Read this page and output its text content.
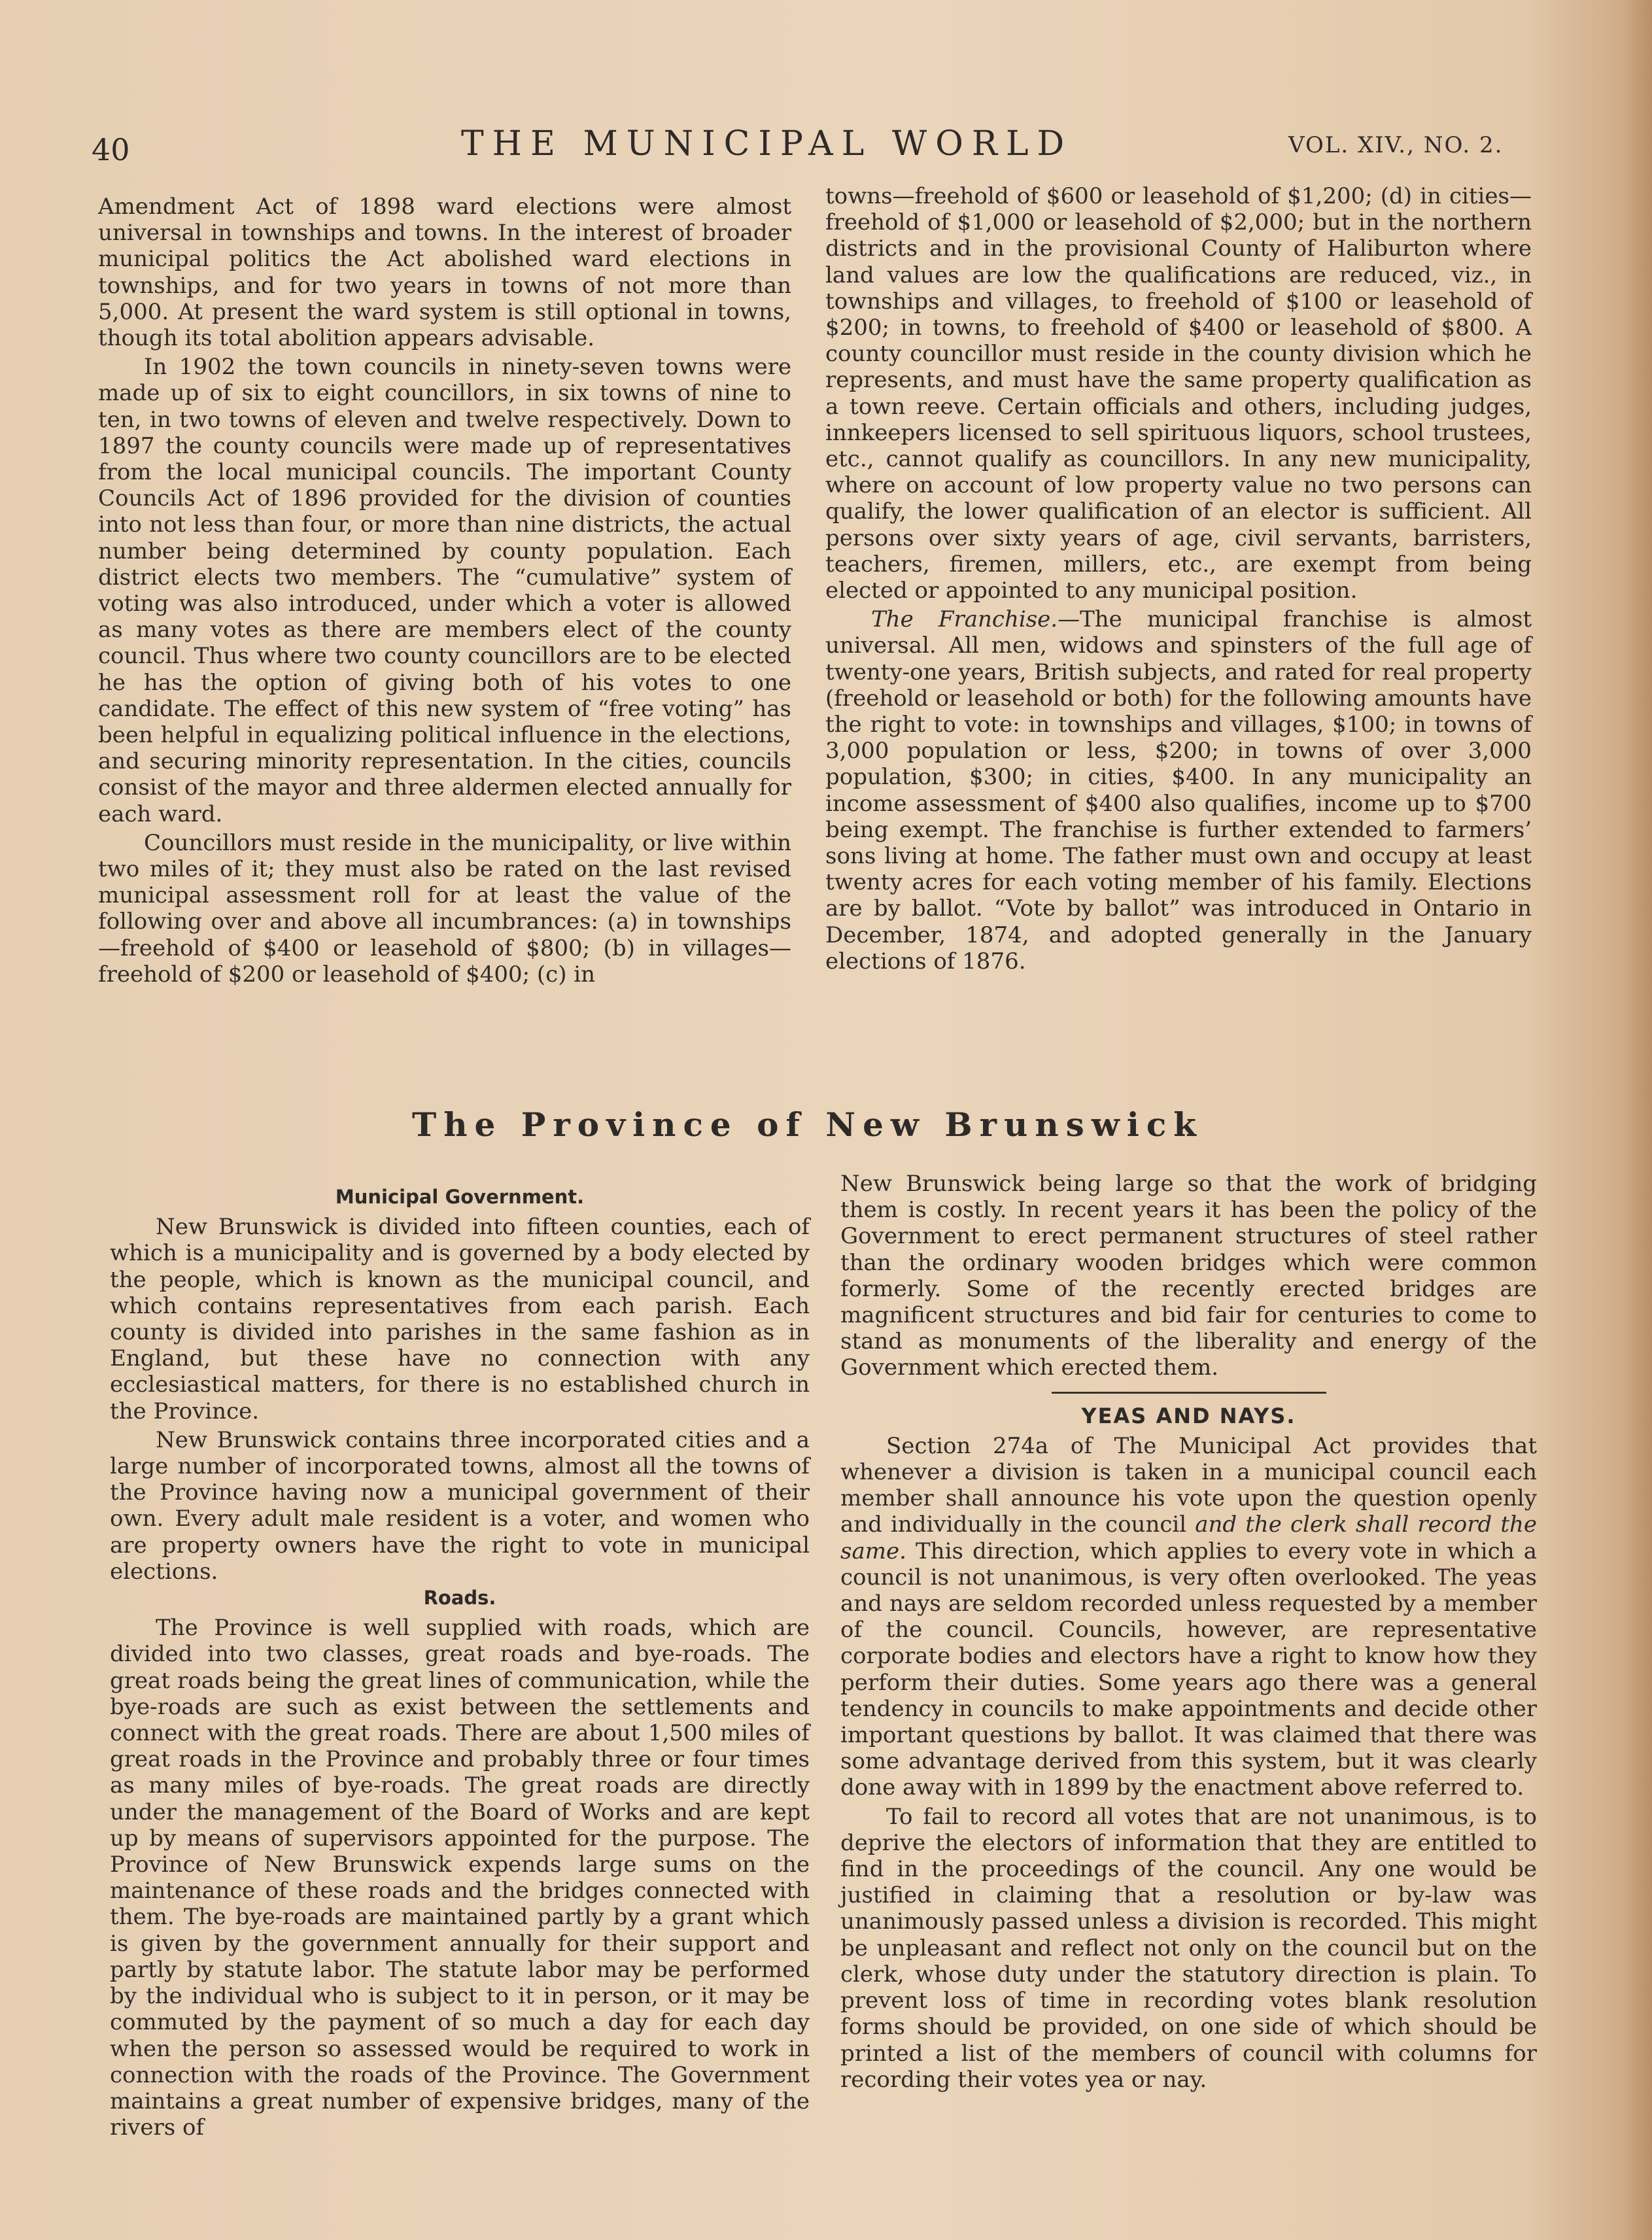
40	THE MUNICIPAL WORLD	VOL. XIV., NO. 2.

Amendment Act of 1898 ward elections were almost universal in townships and towns. In the interest of broader municipal politics the Act abolished ward elections in townships, and for two years in towns of not more than 5,000. At present the ward system is still optional in towns, though its total abolition appears advisable.

In 1902 the town councils in ninety-seven towns were made up of six to eight councillors, in six towns of nine to ten, in two towns of eleven and twelve respectively. Down to 1897 the county councils were made up of representatives from the local municipal councils. The important County Councils Act of 1896 provided for the division of counties into not less than four, or more than nine districts, the actual number being determined by county population. Each district elects two members. The “cumulative” system of voting was also introduced, under which a voter is allowed as many votes as there are members elect of the county council. Thus where two county councillors are to be elected he has the option of giving both of his votes to one candidate. The effect of this new system of “free voting” has been helpful in equalizing political influence in the elections, and securing minority representation. In the cities, councils consist of the mayor and three aldermen elected annually for each ward.

Councillors must reside in the municipality, or live within two miles of it; they must also be rated on the last revised municipal assessment roll for at least the value of the following over and above all incumbrances: (a) in townships—freehold of $400 or leasehold of $800; (b) in villages—freehold of $200 or leasehold of $400; (c) in

towns—freehold of $600 or leasehold of $1,200; (d) in cities—freehold of $1,000 or leasehold of $2,000; but in the northern districts and in the provisional County of Haliburton where land values are low the qualifications are reduced, viz., in townships and villages, to freehold of $100 or leasehold of $200; in towns, to freehold of $400 or leasehold of $800. A county councillor must reside in the county division which he represents, and must have the same property qualification as a town reeve. Certain officials and others, including judges, innkeepers licensed to sell spirituous liquors, school trustees, etc., cannot qualify as councillors. In any new municipality, where on account of low property value no two persons can qualify, the lower qualification of an elector is sufficient. All persons over sixty years of age, civil servants, barristers, teachers, firemen, millers, etc., are exempt from being elected or appointed to any municipal position.

The Franchise.—The municipal franchise is almost universal. All men, widows and spinsters of the full age of twenty-one years, British subjects, and rated for real property (freehold or leasehold or both) for the following amounts have the right to vote: in townships and villages, $100; in towns of 3,000 population or less, $200; in towns of over 3,000 population, $300; in cities, $400. In any municipality an income assessment of $400 also qualifies, income up to $700 being exempt. The franchise is further extended to farmers’ sons living at home. The father must own and occupy at least twenty acres for each voting member of his family. Elections are by ballot. “Vote by ballot” was introduced in Ontario in December, 1874, and adopted generally in the January elections of 1876.

The Province of New Brunswick
Municipal Government.

New Brunswick is divided into fifteen counties, each of which is a municipality and is governed by a body elected by the people, which is known as the municipal council, and which contains representatives from each parish. Each county is divided into parishes in the same fashion as in England, but these have no connection with any ecclesiastical matters, for there is no established church in the Province.

New Brunswick contains three incorporated cities and a large number of incorporated towns, almost all the towns of the Province having now a municipal government of their own. Every adult male resident is a voter, and women who are property owners have the right to vote in municipal elections.

Roads.

The Province is well supplied with roads, which are divided into two classes, great roads and bye-roads. The great roads being the great lines of communication, while the bye-roads are such as exist between the settlements and connect with the great roads. There are about 1,500 miles of great roads in the Province and probably three or four times as many miles of bye-roads. The great roads are directly under the management of the Board of Works and are kept up by means of supervisors appointed for the purpose. The Province of New Brunswick expends large sums on the maintenance of these roads and the bridges connected with them. The bye-roads are maintained partly by a grant which is given by the government annually for their support and partly by statute labor. The statute labor may be performed by the individual who is subject to it in person, or it may be commuted by the payment of so much a day for each day when the person so assessed would be required to work in connection with the roads of the Province. The Government maintains a great number of expensive bridges, many of the rivers of

New Brunswick being large so that the work of bridging them is costly. In recent years it has been the policy of the Government to erect permanent structures of steel rather than the ordinary wooden bridges which were common formerly. Some of the recently erected bridges are magnificent structures and bid fair for centuries to come to stand as monuments of the liberality and energy of the Government which erected them.

YEAS AND NAYS.

Section 274a of The Municipal Act provides that whenever a division is taken in a municipal council each member shall announce his vote upon the question openly and individually in the council and the clerk shall record the same. This direction, which applies to every vote in which a council is not unanimous, is very often overlooked. The yeas and nays are seldom recorded unless requested by a member of the council. Councils, however, are representative corporate bodies and electors have a right to know how they perform their duties. Some years ago there was a general tendency in councils to make appointments and decide other important questions by ballot. It was claimed that there was some advantage derived from this system, but it was clearly done away with in 1899 by the enactment above referred to.

To fail to record all votes that are not unanimous, is to deprive the electors of information that they are entitled to find in the proceedings of the council. Any one would be justified in claiming that a resolution or by-law was unanimously passed unless a division is recorded. This might be unpleasant and reflect not only on the council but on the clerk, whose duty under the statutory direction is plain. To prevent loss of time in recording votes blank resolution forms should be provided, on one side of which should be printed a list of the members of council with columns for recording their votes yea or nay.
